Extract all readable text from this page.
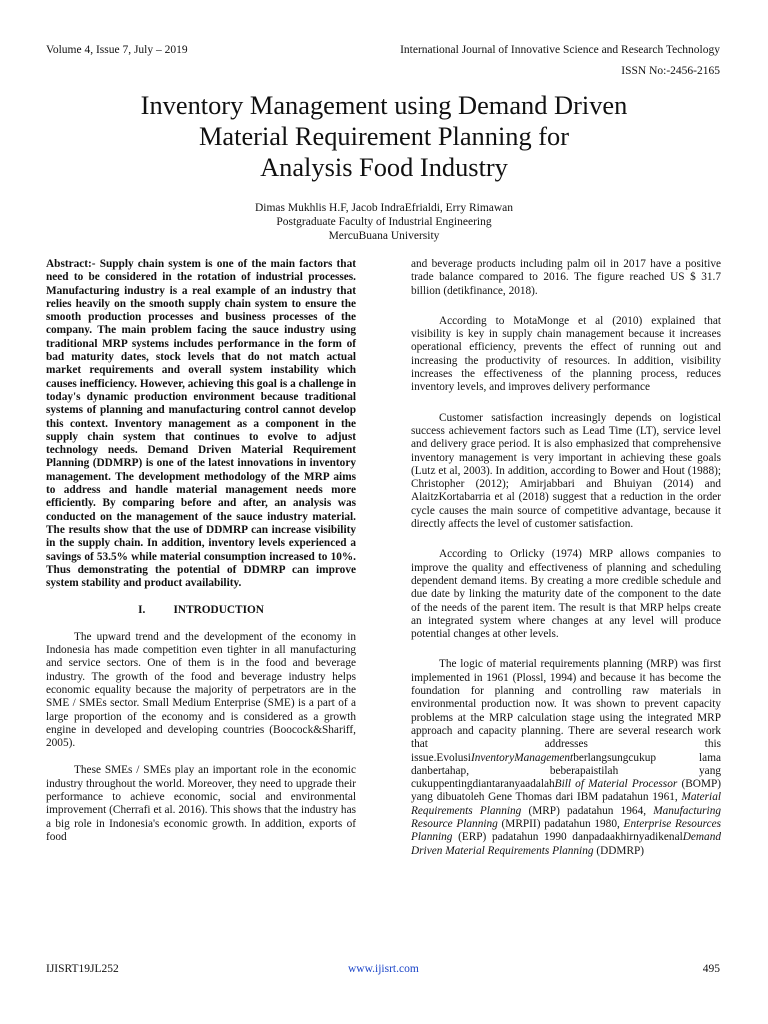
Volume 4, Issue 7, July – 2019	International Journal of Innovative Science and Research Technology
ISSN No:-2456-2165
Inventory Management using Demand Driven
Material Requirement Planning for
Analysis Food Industry
Dimas Mukhlis H.F, Jacob IndraEfrialdi, Erry Rimawan
Postgraduate Faculty of Industrial Engineering
MercuBuana University

Abstract:- Supply chain system is one of the main factors that need to be considered in the rotation of industrial processes. Manufacturing industry is a real example of an industry that relies heavily on the smooth supply chain system to ensure the smooth production processes and business processes of the company. The main problem facing the sauce industry using traditional MRP systems includes performance in the form of bad maturity dates, stock levels that do not match actual market requirements and overall system instability which causes inefficiency. However, achieving this goal is a challenge in today's dynamic production environment because traditional systems of planning and manufacturing control cannot develop this context. Inventory management as a component in the supply chain system that continues to evolve to adjust technology needs. Demand Driven Material Requirement Planning (DDMRP) is one of the latest innovations in inventory management. The development methodology of the MRP aims to address and handle material management needs more efficiently. By comparing before and after, an analysis was conducted on the management of the sauce industry material. The results show that the use of DDMRP can increase visibility in the supply chain. In addition, inventory levels experienced a savings of 53.5% while material consumption increased to 10%. Thus demonstrating the potential of DDMRP can improve system stability and product availability.

I.          INTRODUCTION

The upward trend and the development of the economy in Indonesia has made competition even tighter in all manufacturing and service sectors. One of them is in the food and beverage industry. The growth of the food and beverage industry helps economic equality because the majority of perpetrators are in the SME / SMEs sector. Small Medium Enterprise (SME) is a part of a large proportion of the economy and is considered as a growth engine in developed and developing countries (Boocock&Shariff, 2005).

These SMEs / SMEs play an important role in the economic industry throughout the world. Moreover, they need to upgrade their performance to achieve economic, social and environmental improvement (Cherrafi et al. 2016). This shows that the industry has a big role in Indonesia's economic growth. In addition, exports of food

and beverage products including palm oil in 2017 have a positive trade balance compared to 2016. The figure reached US $ 31.7 billion (detikfinance, 2018).

According to MotaMonge et al (2010) explained that visibility is key in supply chain management because it increases operational efficiency, prevents the effect of running out and increasing the productivity of resources. In addition, visibility increases the effectiveness of the planning process, reduces inventory levels, and improves delivery performance

Customer satisfaction increasingly depends on logistical success achievement factors such as Lead Time (LT), service level and delivery grace period. It is also emphasized that comprehensive inventory management is very important in achieving these goals (Lutz et al, 2003). In addition, according to Bower and Hout (1988); Christopher (2012); Amirjabbari and Bhuiyan (2014) and AlaitzKortabarria et al (2018) suggest that a reduction in the order cycle causes the main source of competitive advantage, because it directly affects the level of customer satisfaction.

According to Orlicky (1974) MRP allows companies to improve the quality and effectiveness of planning and scheduling dependent demand items. By creating a more credible schedule and due date by linking the maturity date of the component to the date of the needs of the parent item. The result is that MRP helps create an integrated system where changes at any level will produce potential changes at other levels.

The logic of material requirements planning (MRP) was first implemented in 1961 (Plossl, 1994) and because it has become the foundation for planning and controlling raw materials in environmental production now. It was shown to prevent capacity problems at the MRP calculation stage using the integrated MRP approach and capacity planning. There are several research work that addresses this issue.EvolusiInventoryManagementberlangsungcukup lama danbertahap, beberapaistilah yang cukuppentingdiantaranyaadalahBill of Material Processor (BOMP) yang dibuatoleh Gene Thomas dari IBM padatahun 1961, Material Requirements Planning (MRP) padatahun 1964, Manufacturing Resource Planning (MRPII) padatahun 1980, Enterprise Resources Planning (ERP) padatahun 1990 danpadaakhirnyadikenalDemand Driven Material Requirements Planning (DDMRP)

IJISRT19JL252	www.ijisrt.com	495
